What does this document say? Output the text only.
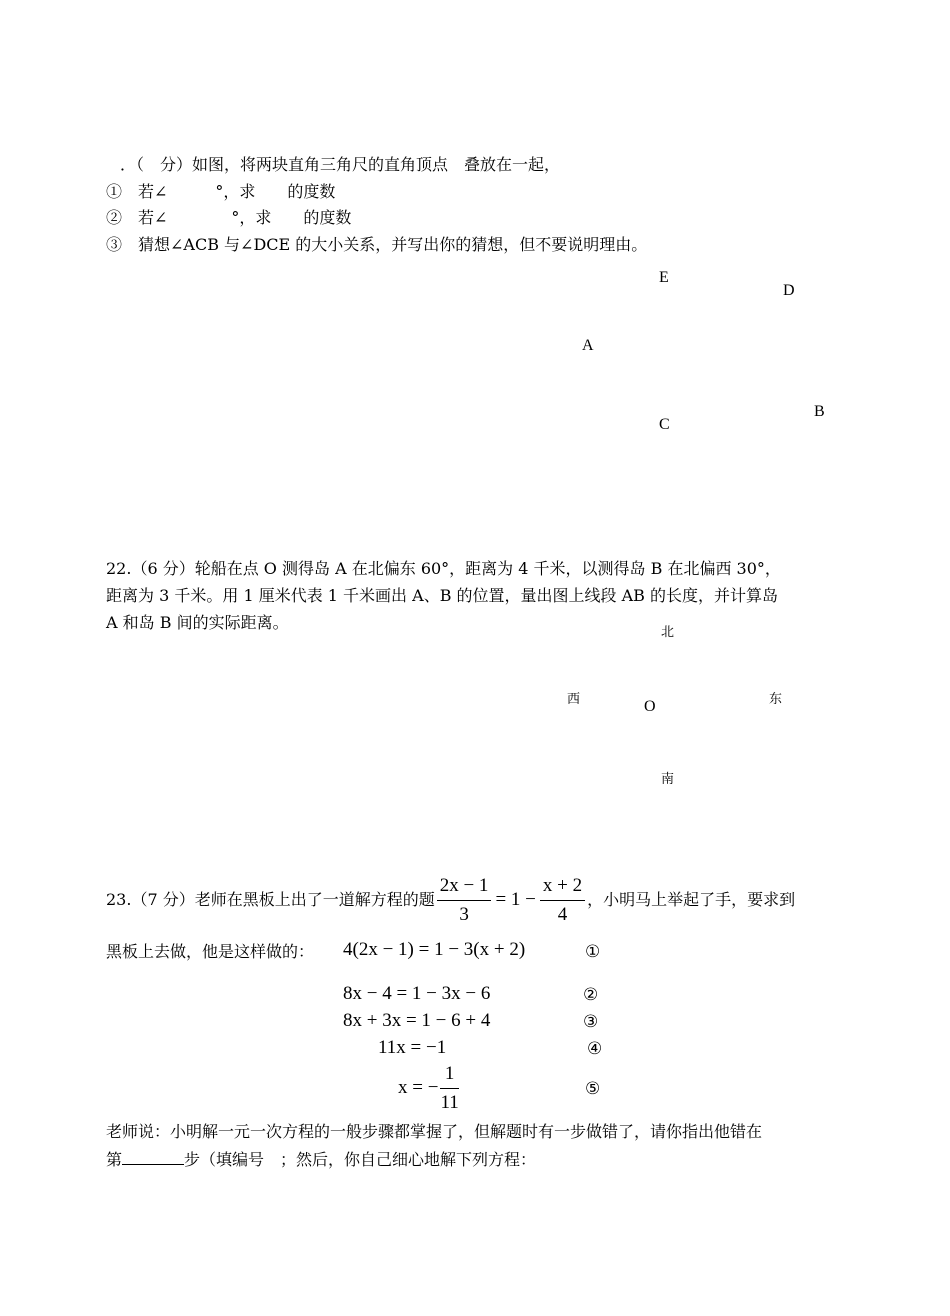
．（　分）如图，将两块直角三角尺的直角顶点　叠放在一起，
①　若∠　　　°，求　　的度数
②　若∠　　　　°，求　　的度数
③　猜想∠ACB 与∠DCE 的大小关系，并写出你的猜想，但不要说明理由。
E
D
A
C
B
22.（6 分）轮船在点 O 测得岛 A 在北偏东 60°，距离为 4 千米，以测得岛 B 在北偏西 30°，
距离为 3 千米。用 1 厘米代表 1 千米画出 A、B 的位置，量出图上线段 AB 的长度，并计算岛
A 和岛 B 间的实际距离。
北
西	东
O
南
23.（7 分）老师在黑板上出了一道解方程的题 $\frac{2x - 1}{3} = 1 - \frac{x + 2}{4}$ ，小明马上举起了手，要求到
黑板上去做，他是这样做的： 4(2x − 1) = 1 − 3(x + 2)	①
8x − 4 = 1 − 3x − 6	②
8x + 3x = 1 − 6 + 4	③
11x = −1	④
x = − $\frac{1}{11}$	⑤
老师说：小明解一元一次方程的一般步骤都掌握了，但解题时有一步做错了，请你指出他错在
第	步（填编号　；然后，你自己细心地解下列方程：
